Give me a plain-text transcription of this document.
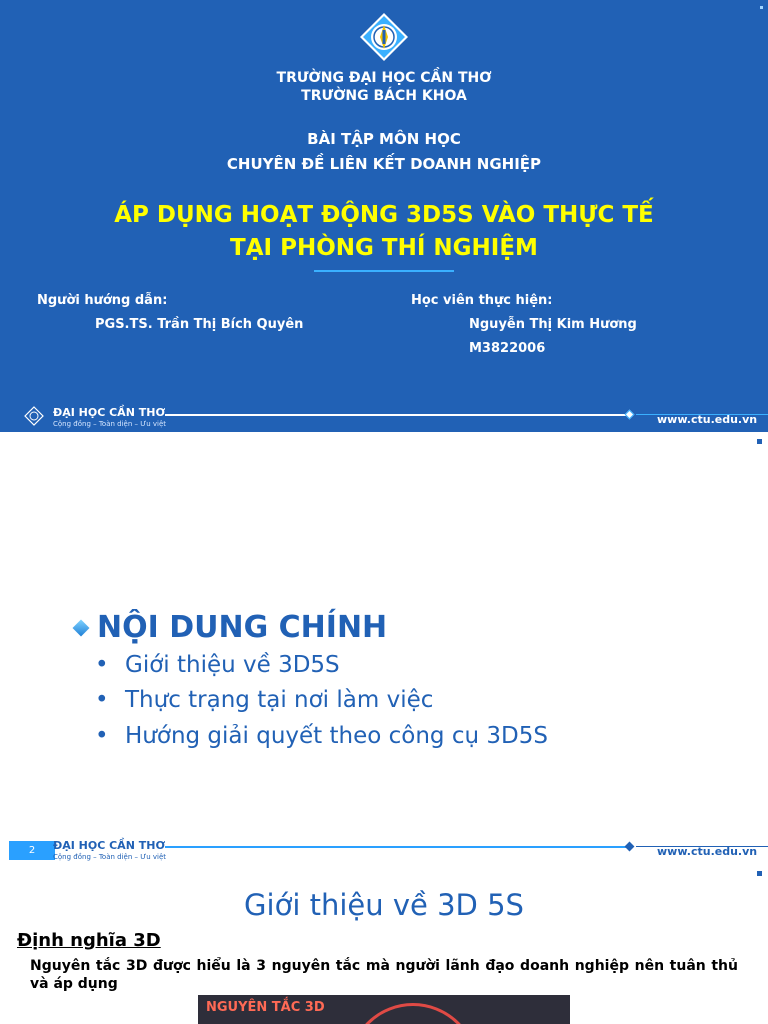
TRƯỜNG ĐẠI HỌC CẦN THƠ
TRƯỜNG BÁCH KHOA
BÀI TẬP MÔN HỌC
CHUYÊN ĐỀ LIÊN KẾT DOANH NGHIỆP
ÁP DỤNG HOẠT ĐỘNG 3D5S VÀO THỰC TẾ
TẠI PHÒNG THÍ NGHIỆM
Người hướng dẫn:
PGS.TS. Trần Thị Bích Quyên
Học viên thực hiện:
Nguyễn Thị Kim Hương
M3822006
ĐẠI HỌC CẦN THƠ
Cộng đồng – Toàn diện – Ưu việt	www.ctu.edu.vn
NỘI DUNG CHÍNH
• Giới thiệu về 3D5S
• Thực trạng tại nơi làm việc
• Hướng giải quyết theo công cụ 3D5S
2	ĐẠI HỌC CẦN THƠ
Cộng đồng – Toàn diện – Ưu việt	www.ctu.edu.vn
Giới thiệu về 3D 5S
Định nghĩa 3D
Nguyên tắc 3D được hiểu là 3 nguyên tắc mà người lãnh đạo doanh nghiệp nên tuân thủ và áp dụng
NGUYÊN TẮC 3D
